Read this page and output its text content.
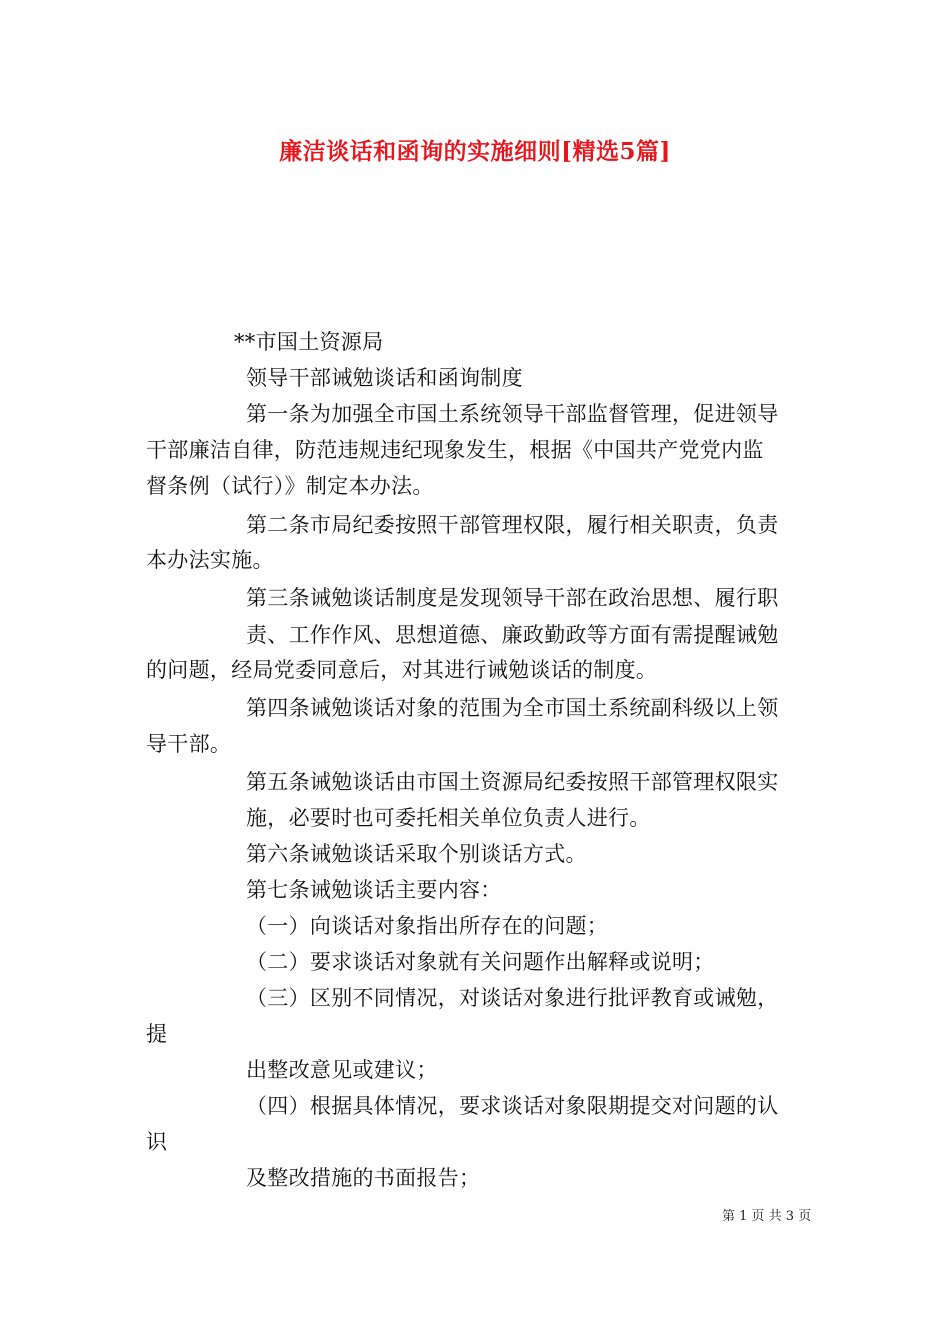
廉洁谈话和函询的实施细则[精选5篇]
**市国土资源局
领导干部诫勉谈话和函询制度
第一条为加强全市国土系统领导干部监督管理，促进领导
干部廉洁自律，防范违规违纪现象发生，根据《中国共产党党内监
督条例（试行）》制定本办法。
第二条市局纪委按照干部管理权限，履行相关职责，负责
本办法实施。
第三条诫勉谈话制度是发现领导干部在政治思想、履行职
责、工作作风、思想道德、廉政勤政等方面有需提醒诫勉
的问题，经局党委同意后，对其进行诫勉谈话的制度。
第四条诫勉谈话对象的范围为全市国土系统副科级以上领
导干部。
第五条诫勉谈话由市国土资源局纪委按照干部管理权限实
施，必要时也可委托相关单位负责人进行。
第六条诫勉谈话采取个别谈话方式。
第七条诫勉谈话主要内容：
（一）向谈话对象指出所存在的问题；
（二）要求谈话对象就有关问题作出解释或说明；
（三）区别不同情况，对谈话对象进行批评教育或诫勉，
提
出整改意见或建议；
（四）根据具体情况，要求谈话对象限期提交对问题的认
识
及整改措施的书面报告；
第 1 页 共 3 页
